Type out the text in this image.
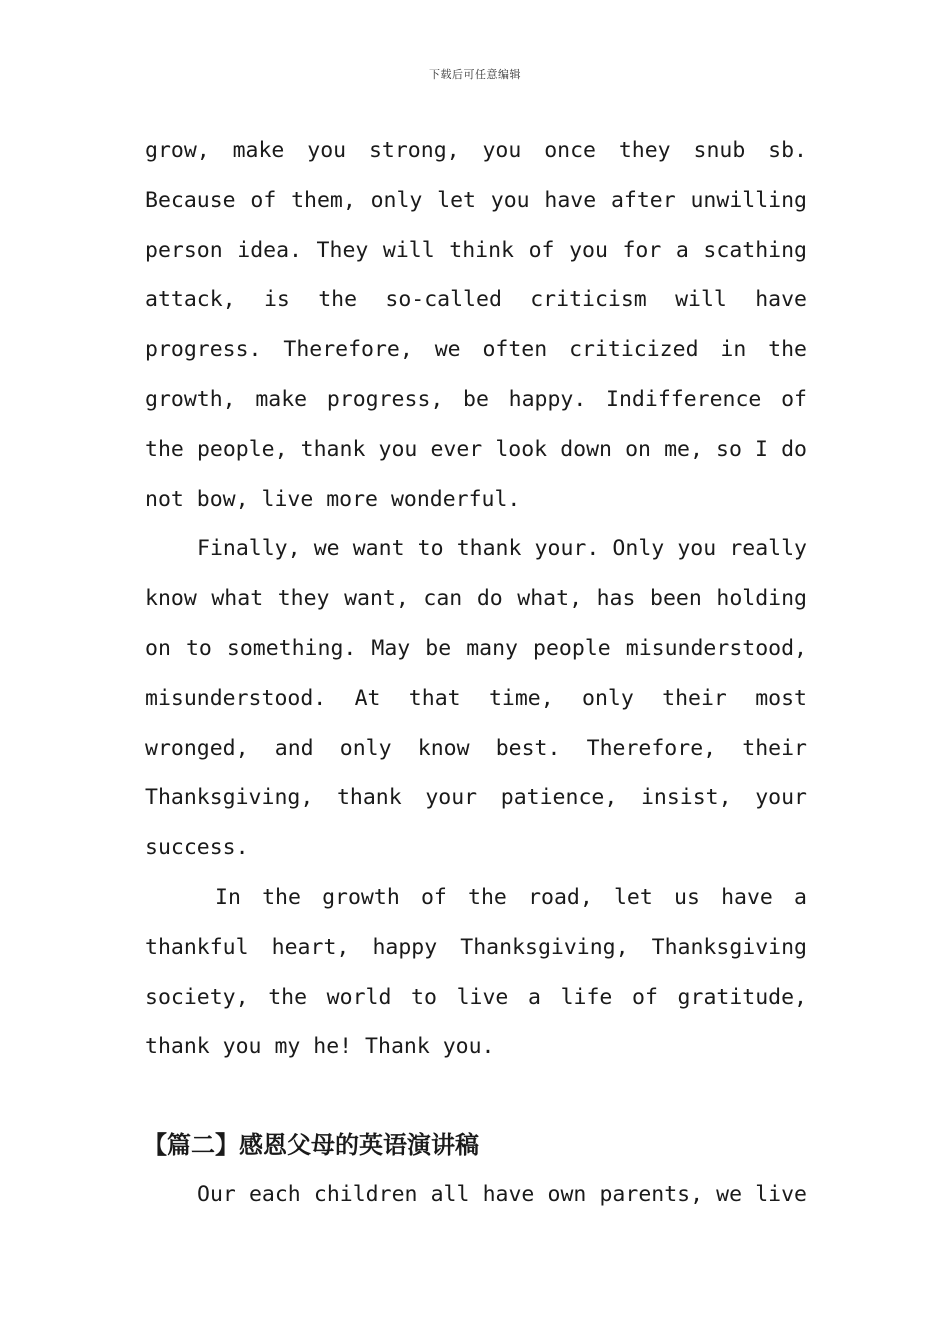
下载后可任意编辑
grow, make you strong, you once they snub sb.
Because of them, only let you have after unwilling
person idea. They will think of you for a scathing
attack, is the so-called criticism will have
progress. Therefore, we often criticized in the
growth, make progress, be happy. Indifference of
the people, thank you ever look down on me, so I do
not bow, live more wonderful.
Finally, we want to thank your. Only you really
know what they want, can do what, has been holding
on to something. May be many people misunderstood,
misunderstood. At that time, only their most
wronged, and only know best. Therefore, their
Thanksgiving, thank your patience, insist, your
success.
In the growth of the road, let us have a
thankful heart, happy Thanksgiving, Thanksgiving
society, the world to live a life of gratitude,
thank you my he! Thank you.
【篇二】感恩父母的英语演讲稿
Our each children all have own parents, we live
